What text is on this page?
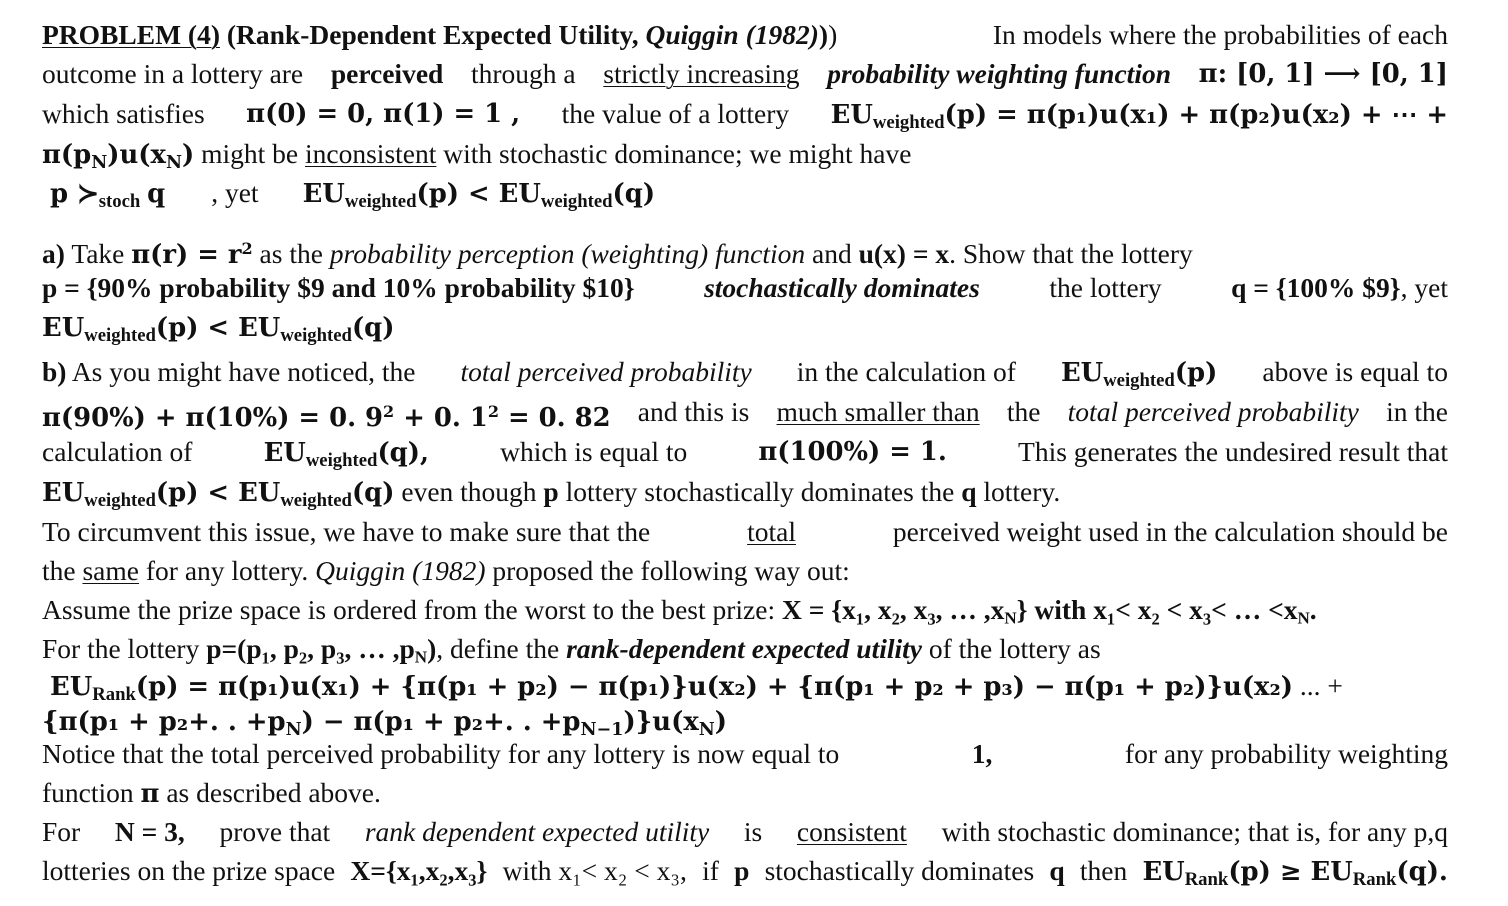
PROBLEM (4) (Rank-Dependent Expected Utility, Quiggin (1982)))	In models where the probabilities of each
outcome in a lottery are perceived through a strictly increasing probability weighting function π: [0, 1] ⟶ [0, 1]
which satisfies π(0) = 0, π(1) = 1 , the value of a lottery $EU_{weighted}(p) = \pi(p_1)u(x_1) + \pi(p_2)u(x_2)$ + ⋯ +
$\pi(p_N)u(x_N)$ might be inconsistent with stochastic dominance; we might have
p $≻_{stoch}$ q , yet $EU_{weighted}(p) < EU_{weighted}(q)$
a) Take $\pi(r) = r^2$ as the probability perception (weighting) function and u(x) = x. Show that the lottery
p = {90% probability $9 and 10% probability $10}	stochastically dominates	the lottery	q = {100% $9}, yet
$EU_{weighted}(p) < EU_{weighted}(q)$
b) As you might have noticed, the total perceived probability in the calculation of $EU_{weighted}(p)$ above is equal to
π(90%) + π(10%) = 0. $9^2 + 0$. $1^2 = 0$. 82 and this is much smaller than the total perceived probability in the
calculation of	$EU_{weighted}(q)$,	which is equal to	π(100%) = 1.	This generates the undesired result that
$EU_{weighted}(p) < EU_{weighted}(q)$ even though p lottery stochastically dominates the q lottery.
To circumvent this issue, we have to make sure that the	total	perceived weight used in the calculation should be
the same for any lottery. Quiggin (1982) proposed the following way out:
Assume the prize space is ordered from the worst to the best prize: X = {x₁, x₂, x₃, … ,xN} with x₁< x₂ < x₃< … <xN.
For the lottery p=(p₁, p₂, p₃, … ,pN), define the rank-dependent expected utility of the lottery as
$EU_{Rank}(p) = \pi(p_1)u(x_1) + \{\pi(p_1 + p_2) - \pi(p_1)\}u(x_2) + \{\pi(p_1 + p_2 + p_3) - \pi(p_1 + p_2)\}u(x_2)$ ... +
{π(p₁ + p₂+. . $+p_N) - \pi(p_1 + p_2+$. . $+p_{N-1})\}u(x_N)$
Notice that the total perceived probability for any lottery is now equal to	1,	for any probability weighting
function π as described above.
For N = 3, prove that rank dependent expected utility is consistent with stochastic dominance; that is, for any p,q
lotteries on the prize space X={x₁,x₂,x₃} with x₁< x₂ < x₃, if p stochastically dominates q then $EU_{Rank}(p) \ge EU_{Rank}(q)$.
